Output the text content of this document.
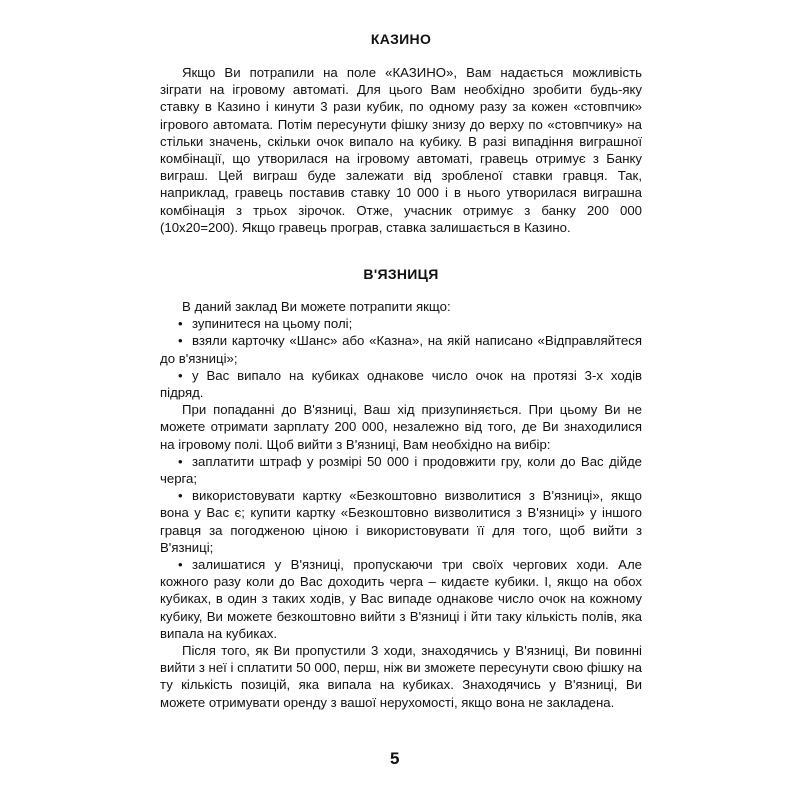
КАЗИНО

Якщо Ви потрапили на поле «КАЗИНО», Вам надається можливість зіграти на ігровому автоматі. Для цього Вам необхідно зробити будь-яку ставку в Казино і кинути 3 рази кубик, по одному разу за кожен «стовпчик» ігрового автомата. Потім пересунути фішку знизу до верху по «стовпчику» на стільки значень, скільки очок випало на кубику. В разі випадіння виграшної комбінації, що утворилася на ігровому автоматі, гравець отримує з Банку виграш. Цей виграш буде залежати від зробленої ставки гравця. Так, наприклад, гравець поставив ставку 10 000 і в нього утворилася виграшна комбінація з трьох зірочок. Отже, учасник отримує з банку 200 000 (10х20=200). Якщо гравець програв, ставка залишається в Казино.

В'ЯЗНИЦЯ

В даний заклад Ви можете потрапити якщо:

• зупинитеся на цьому полі;

• взяли карточку «Шанс» або «Казна», на якій написано «Відправляйтеся до в'язниці»;

• у Вас випало на кубиках однакове число очок на протязі 3-х ходів підряд.

При попаданні до В'язниці, Ваш хід призупиняється. При цьому Ви не можете отримати зарплату 200 000, незалежно від того, де Ви знаходилися на ігровому полі. Щоб вийти з В'язниці, Вам необхідно на вибір:

• заплатити штраф у розмірі 50 000 і продовжити гру, коли до Вас дійде черга;

• використовувати картку «Безкоштовно визволитися з В'язниці», якщо вона у Вас є; купити картку «Безкоштовно визволитися з В'язниці» у іншого гравця за погодженою ціною і використовувати її для того, щоб вийти з В'язниці;

• залишатися у В'язниці, пропускаючи три своїх чергових ходи. Але кожного разу коли до Вас доходить черга – кидаєте кубики. І, якщо на обох кубиках, в один з таких ходів, у Вас випаде однакове число очок на кожному кубику, Ви можете безкоштовно вийти з В'язниці і йти таку кількість полів, яка випала на кубиках.

Після того, як Ви пропустили 3 ходи, знаходячись у В'язниці, Ви повинні вийти з неї і сплатити 50 000, перш, ніж ви зможете пересунути свою фішку на ту кількість позицій, яка випала на кубиках. Знаходячись у В'язниці, Ви можете отримувати оренду з вашої нерухомості, якщо вона не закладена.

5
